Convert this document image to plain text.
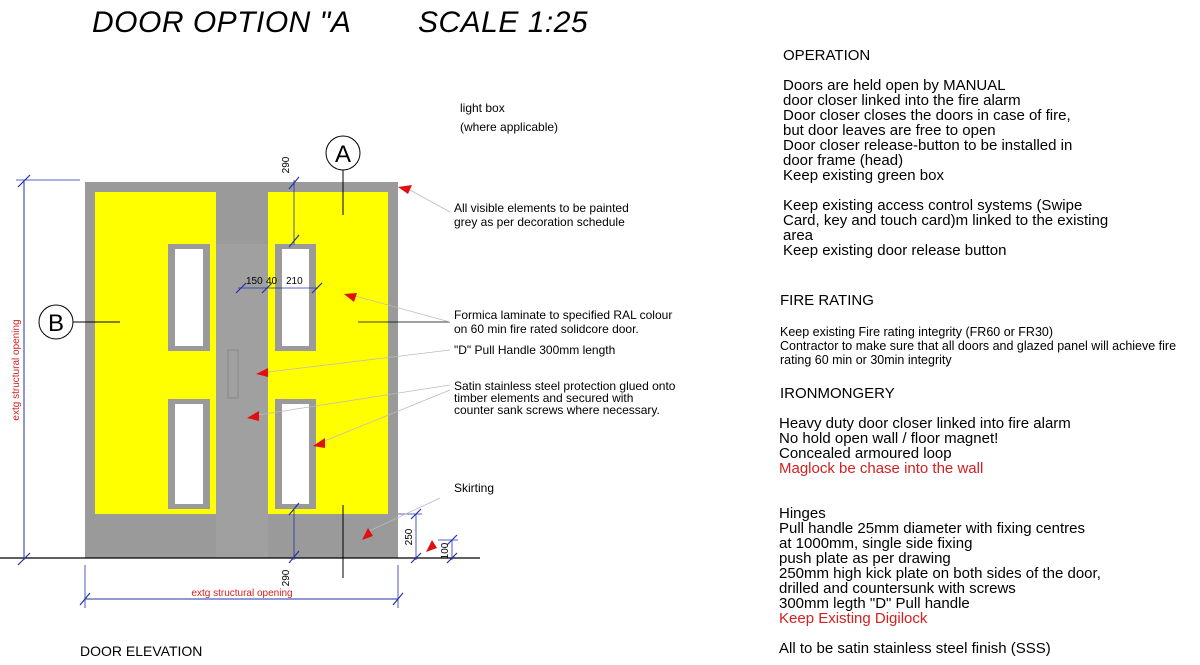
DOOR OPTION "A SCALE 1:25
A
B
extg structural opening
extg structural opening
290
290
150 40 210
250
100
light box
(where applicable)
All visible elements to be painted
grey as per decoration schedule
Formica laminate to specified RAL colour
on 60 min fire rated solidcore door.
"D" Pull Handle 300mm length
Satin stainless steel protection glued onto
timber elements and secured with
counter sank screws where necessary.
Skirting
DOOR ELEVATION
OPERATION
Doors are held open by MANUAL
door closer linked into the fire alarm
Door closer closes the doors in case of fire,
but door leaves are free to open
Door closer release-button to be installed in
door frame (head)
Keep existing green box
Keep existing access control systems (Swipe
Card, key and touch card)m linked to the existing
area
Keep existing door release button
FIRE RATING
Keep existing Fire rating integrity (FR60 or FR30)
Contractor to make sure that all doors and glazed panel will achieve fire
rating 60 min or 30min integrity
IRONMONGERY
Heavy duty door closer linked into fire alarm
No hold open wall / floor magnet!
Concealed armoured loop
Maglock be chase into the wall
Hinges
Pull handle 25mm diameter with fixing centres
at 1000mm, single side fixing
push plate as per drawing
250mm high kick plate on both sides of the door,
drilled and countersunk with screws
300mm legth "D" Pull handle
Keep Existing Digilock
All to be satin stainless steel finish (SSS)
